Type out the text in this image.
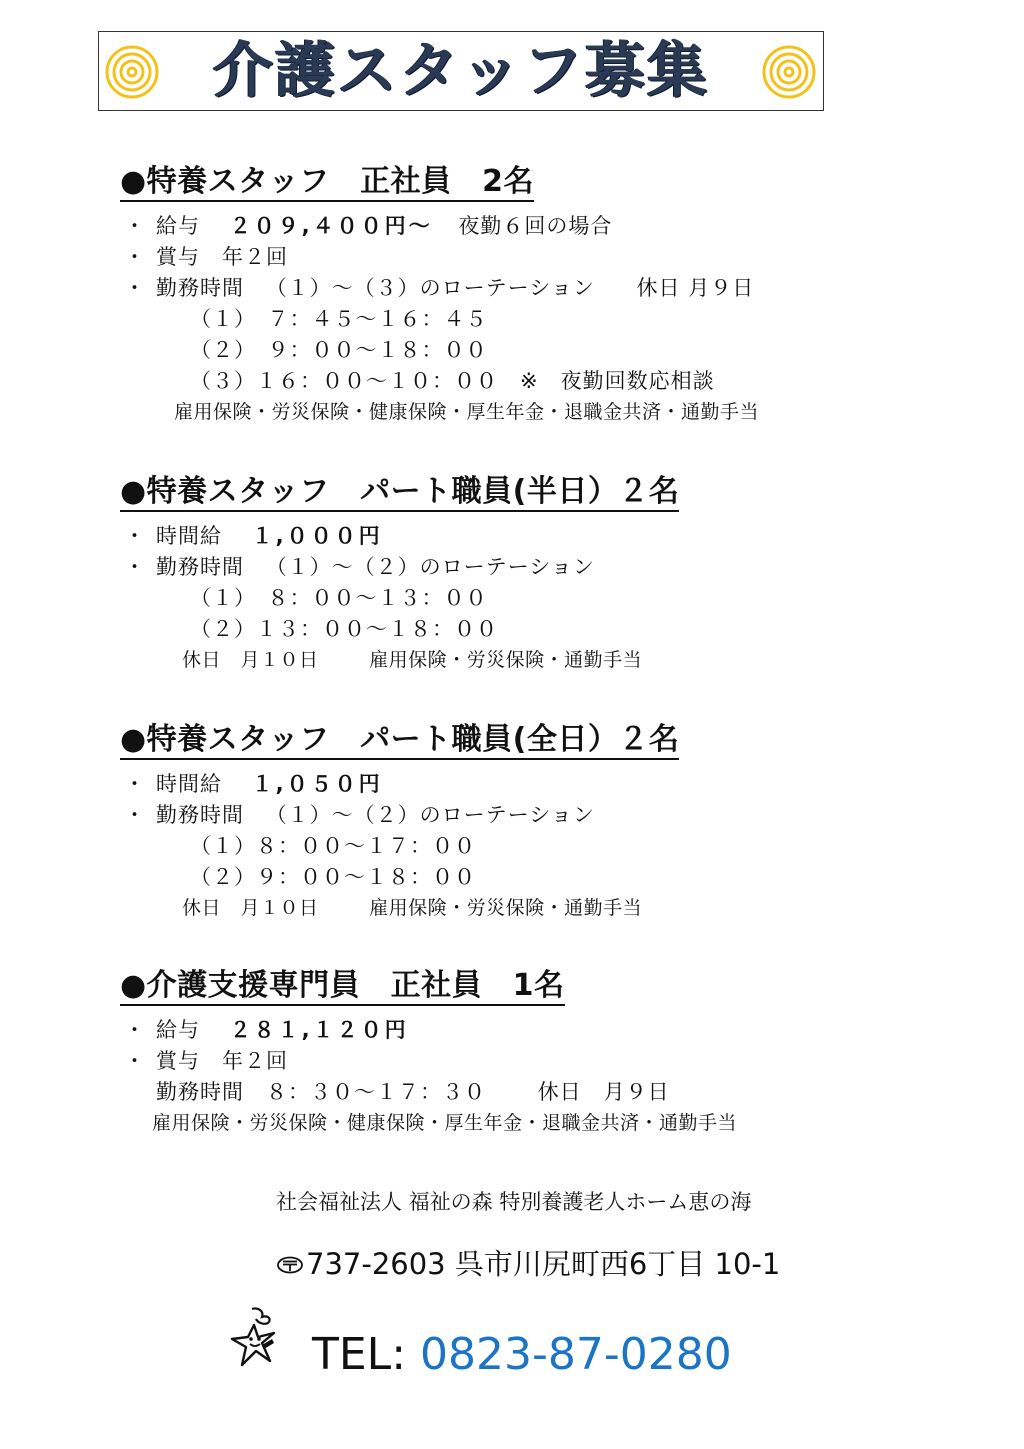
介護スタッフ募集
●特養スタッフ　正社員　2名
・ 給与 ２０９,４００円～ 夜勤６回の場合
・ 賞与　年２回
・ 勤務時間 （１）～（３）のローテーション 休日 月９日
（１）　７：４５～１６：４５
（２）　９：００～１８：００
（３）１６：００～１０：００　※　夜勤回数応相談
雇用保険・労災保険・健康保険・厚生年金・退職金共済・通勤手当
●特養スタッフ　パート職員(半日）２名
・ 時間給 １,０００円
・ 勤務時間 （１）～（２）のローテーション
（１）　８：００～１３：００
（２）１３：００～１８：００
休日　月１０日	雇用保険・労災保険・通勤手当
●特養スタッフ　パート職員(全日）２名
・ 時間給 １,０５０円
・ 勤務時間 （１）～（２）のローテーション
（１）８：００～１７：００
（２）９：００～１８：００
休日　月１０日	雇用保険・労災保険・通勤手当
●介護支援専門員　正社員　1名
・ 給与 ２８１,１２０円
・ 賞与　年２回
勤務時間　８：３０～１７：３０ 休日　月９日
雇用保険・労災保険・健康保険・厚生年金・退職金共済・通勤手当
社会福祉法人 福祉の森 特別養護老人ホーム恵の海
737-2603 呉市川尻町西6丁目 10-1
TEL: 0823-87-0280
